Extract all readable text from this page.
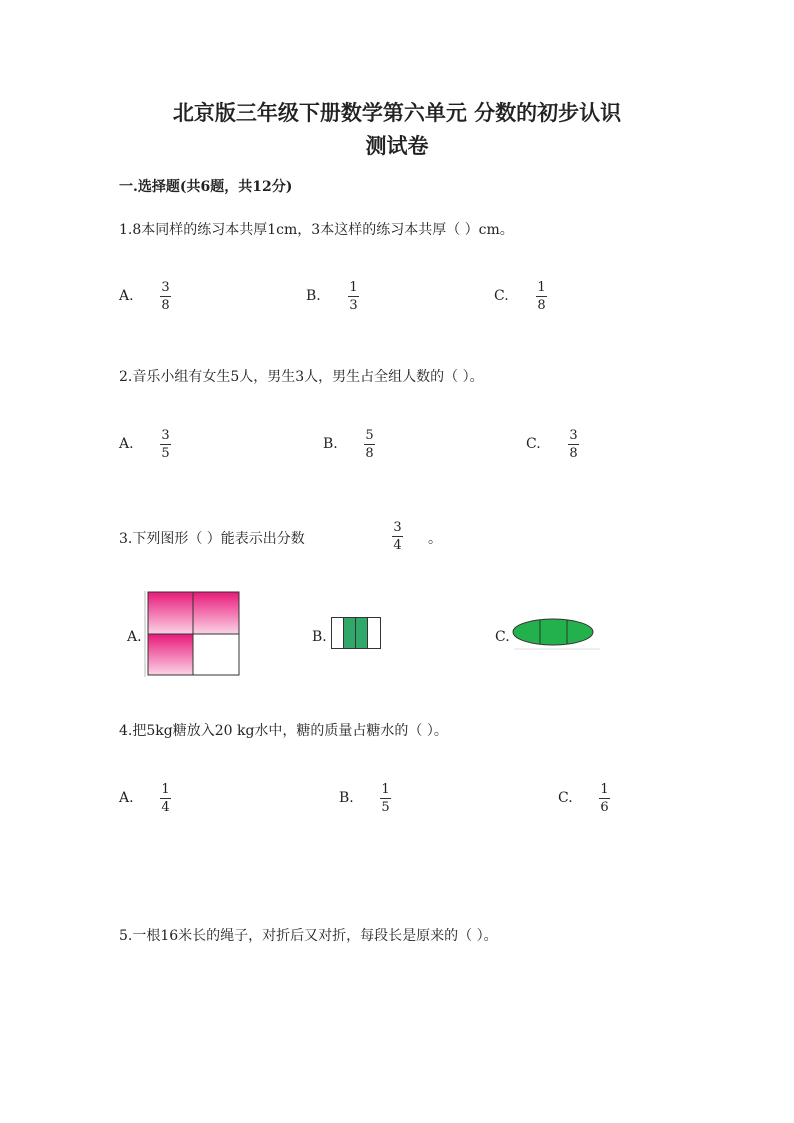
北京版三年级下册数学第六单元 分数的初步认识
测试卷
一.选择题(共6题，共12分)
1.8本同样的练习本共厚1cm，3本这样的练习本共厚（ ）cm。
A.
3
8
B.
1
3
C.
1
8
2.音乐小组有女生5人，男生3人，男生占全组人数的（ ）。
A.
3
5
B.
5
8
C.
3
8
3.下列图形（ ）能表示出分数
3
4 。
A.	B.	C.
4.把5kg糖放入20 kg水中，糖的质量占糖水的（ ）。
A.
1
4
B.
1
5
C.
1
6
5.一根16米长的绳子，对折后又对折，每段长是原来的（ ）。
